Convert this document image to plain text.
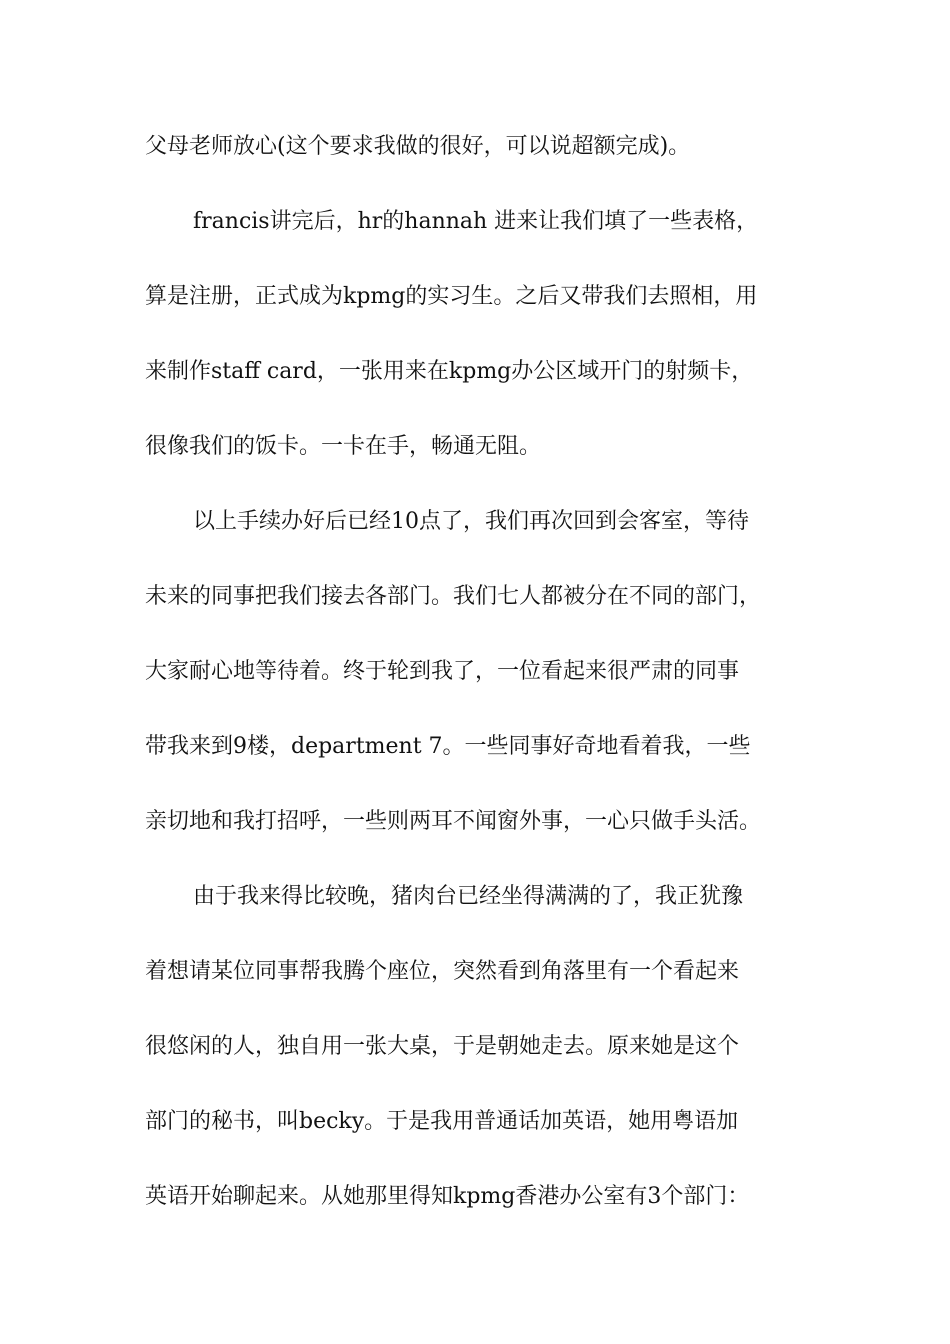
父母老师放心(这个要求我做的很好，可以说超额完成)。
francis讲完后，hr的hannah 进来让我们填了一些表格，
算是注册，正式成为kpmg的实习生。之后又带我们去照相，用
来制作staff card，一张用来在kpmg办公区域开门的射频卡，
很像我们的饭卡。一卡在手，畅通无阻。
以上手续办好后已经10点了，我们再次回到会客室，等待
未来的同事把我们接去各部门。我们七人都被分在不同的部门，
大家耐心地等待着。终于轮到我了，一位看起来很严肃的同事
带我来到9楼，department 7。一些同事好奇地看着我，一些
亲切地和我打招呼，一些则两耳不闻窗外事，一心只做手头活。
由于我来得比较晚，猪肉台已经坐得满满的了，我正犹豫
着想请某位同事帮我腾个座位，突然看到角落里有一个看起来
很悠闲的人，独自用一张大桌，于是朝她走去。原来她是这个
部门的秘书，叫becky。于是我用普通话加英语，她用粤语加
英语开始聊起来。从她那里得知kpmg香港办公室有3个部门：
